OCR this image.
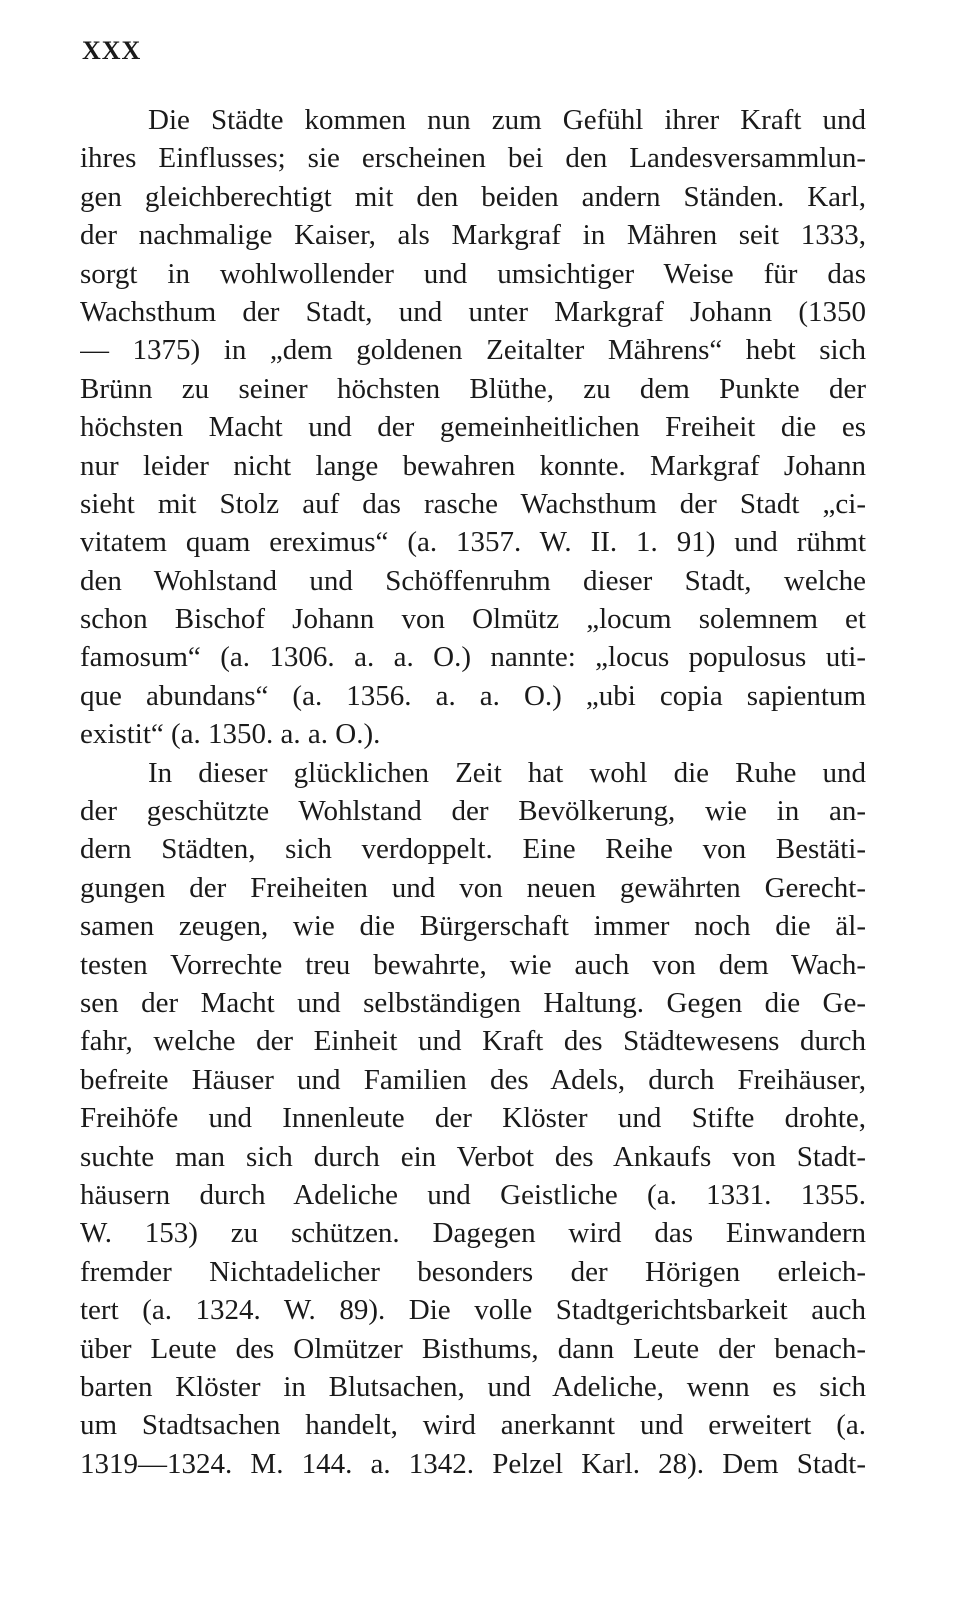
XXX
Die Städte kommen nun zum Gefühl ihrer Kraft und
ihres Einflusses; sie erscheinen bei den Landesversammlun-
gen gleichberechtigt mit den beiden andern Ständen. Karl,
der nachmalige Kaiser, als Markgraf in Mähren seit 1333,
sorgt in wohlwollender und umsichtiger Weise für das
Wachsthum der Stadt, und unter Markgraf Johann (1350
— 1375) in „dem goldenen Zeitalter Mährens“ hebt sich
Brünn zu seiner höchsten Blüthe, zu dem Punkte der
höchsten Macht und der gemeinheitlichen Freiheit die es
nur leider nicht lange bewahren konnte. Markgraf Johann
sieht mit Stolz auf das rasche Wachsthum der Stadt „ci-
vitatem quam ereximus“ (a. 1357. W. II. 1. 91) und rühmt
den Wohlstand und Schöffenruhm dieser Stadt, welche
schon Bischof Johann von Olmütz „locum solemnem et
famosum“ (a. 1306. a. a. O.) nannte: „locus populosus uti-
que abundans“ (a. 1356. a. a. O.) „ubi copia sapientum
existit“ (a. 1350. a. a. O.).
In dieser glücklichen Zeit hat wohl die Ruhe und
der geschützte Wohlstand der Bevölkerung, wie in an-
dern Städten, sich verdoppelt. Eine Reihe von Bestäti-
gungen der Freiheiten und von neuen gewährten Gerecht-
samen zeugen, wie die Bürgerschaft immer noch die äl-
testen Vorrechte treu bewahrte, wie auch von dem Wach-
sen der Macht und selbständigen Haltung. Gegen die Ge-
fahr, welche der Einheit und Kraft des Städtewesens durch
befreite Häuser und Familien des Adels, durch Freihäuser,
Freihöfe und Innenleute der Klöster und Stifte drohte,
suchte man sich durch ein Verbot des Ankaufs von Stadt-
häusern durch Adeliche und Geistliche (a. 1331. 1355.
W. 153) zu schützen. Dagegen wird das Einwandern
fremder Nichtadelicher besonders der Hörigen erleich-
tert (a. 1324. W. 89). Die volle Stadtgerichtsbarkeit auch
über Leute des Olmützer Bisthums, dann Leute der benach-
barten Klöster in Blutsachen, und Adeliche, wenn es sich
um Stadtsachen handelt, wird anerkannt und erweitert (a.
1319—1324. M. 144. a. 1342. Pelzel Karl. 28). Dem Stadt-
